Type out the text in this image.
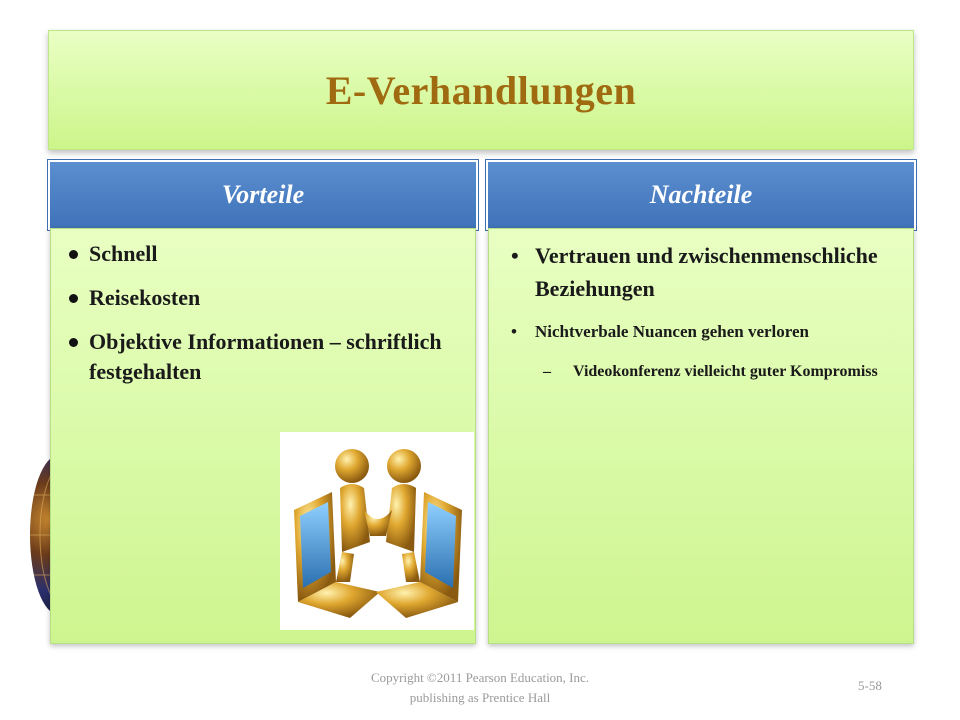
E-Verhandlungen
Vorteile	Nachteile
Schnell
Reisekosten
Objektive Informationen – schriftlich festgehalten
• Vertrauen und zwischenmenschliche Beziehungen
• Nichtverbale Nuancen gehen verloren
– Videokonferenz vielleicht guter Kompromiss
Copyright ©2011 Pearson Education, Inc.
publishing as Prentice Hall
5-58
